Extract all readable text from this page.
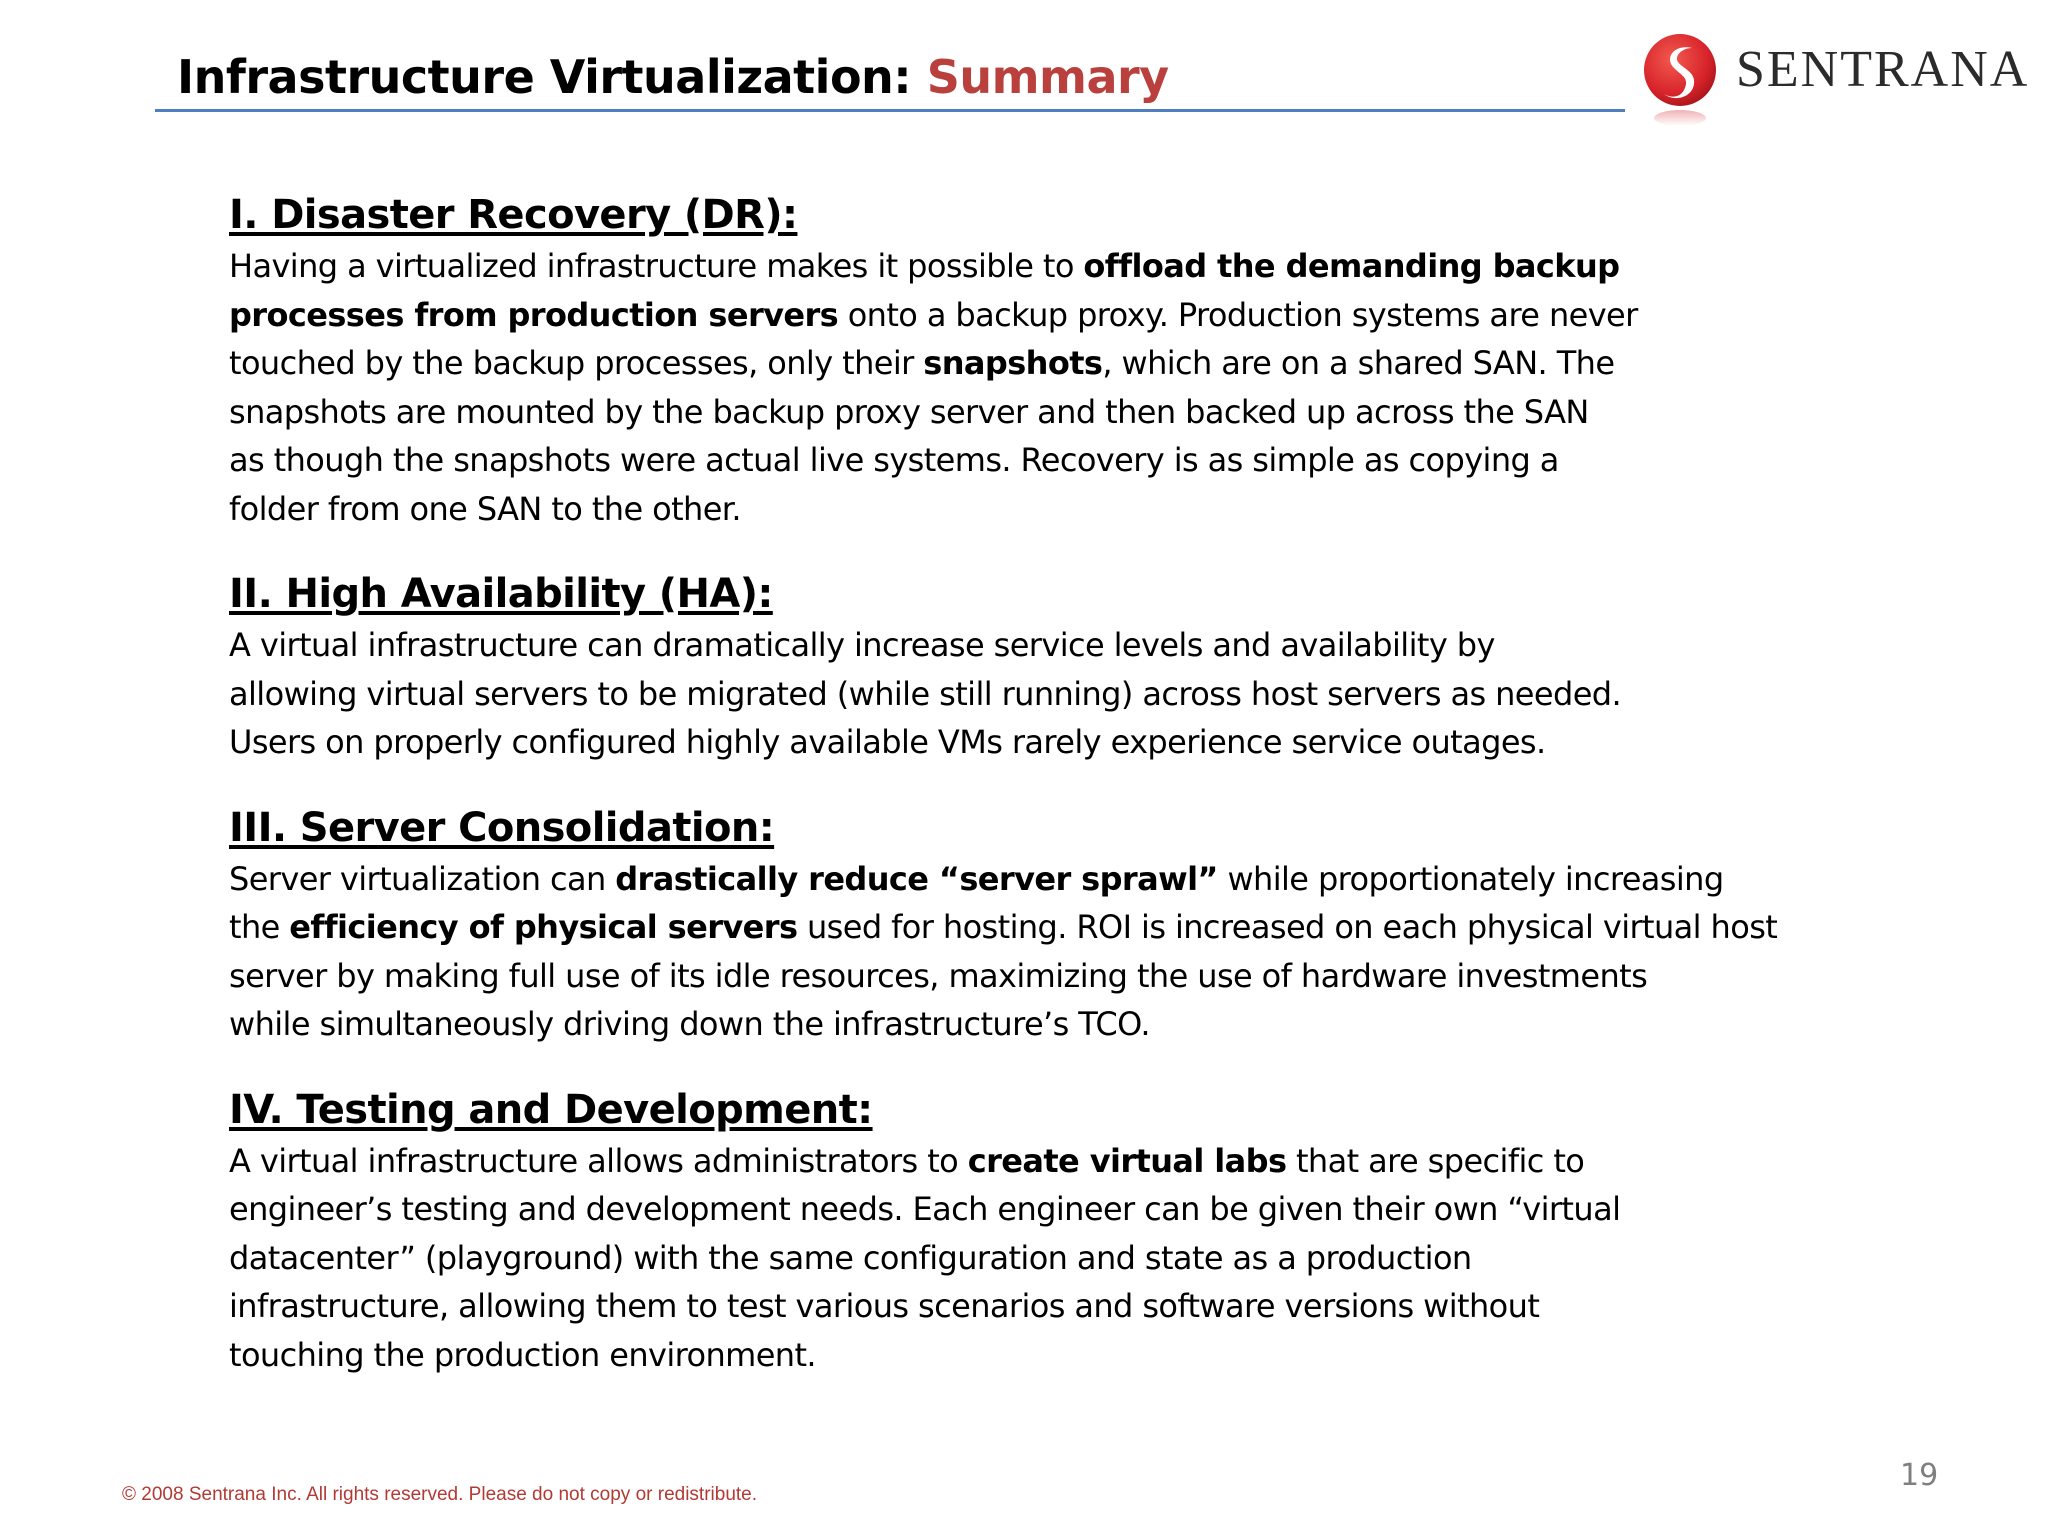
Infrastructure Virtualization: Summary	SENTRANA
I. Disaster Recovery (DR):

Having a virtualized infrastructure makes it possible to offload the demanding backup
processes from production servers onto a backup proxy. Production systems are never
touched by the backup processes, only their snapshots, which are on a shared SAN. The
snapshots are mounted by the backup proxy server and then backed up across the SAN
as though the snapshots were actual live systems. Recovery is as simple as copying a
folder from one SAN to the other.

II. High Availability (HA):

A virtual infrastructure can dramatically increase service levels and availability by
allowing virtual servers to be migrated (while still running) across host servers as needed.
Users on properly configured highly available VMs rarely experience service outages.

III. Server Consolidation:

Server virtualization can drastically reduce “server sprawl” while proportionately increasing
the efficiency of physical servers used for hosting. ROI is increased on each physical virtual host
server by making full use of its idle resources, maximizing the use of hardware investments
while simultaneously driving down the infrastructure’s TCO.

IV. Testing and Development:

A virtual infrastructure allows administrators to create virtual labs that are specific to
engineer’s testing and development needs. Each engineer can be given their own “virtual
datacenter” (playground) with the same configuration and state as a production
infrastructure, allowing them to test various scenarios and software versions without
touching the production environment.

19
© 2008 Sentrana Inc. All rights reserved. Please do not copy or redistribute.
